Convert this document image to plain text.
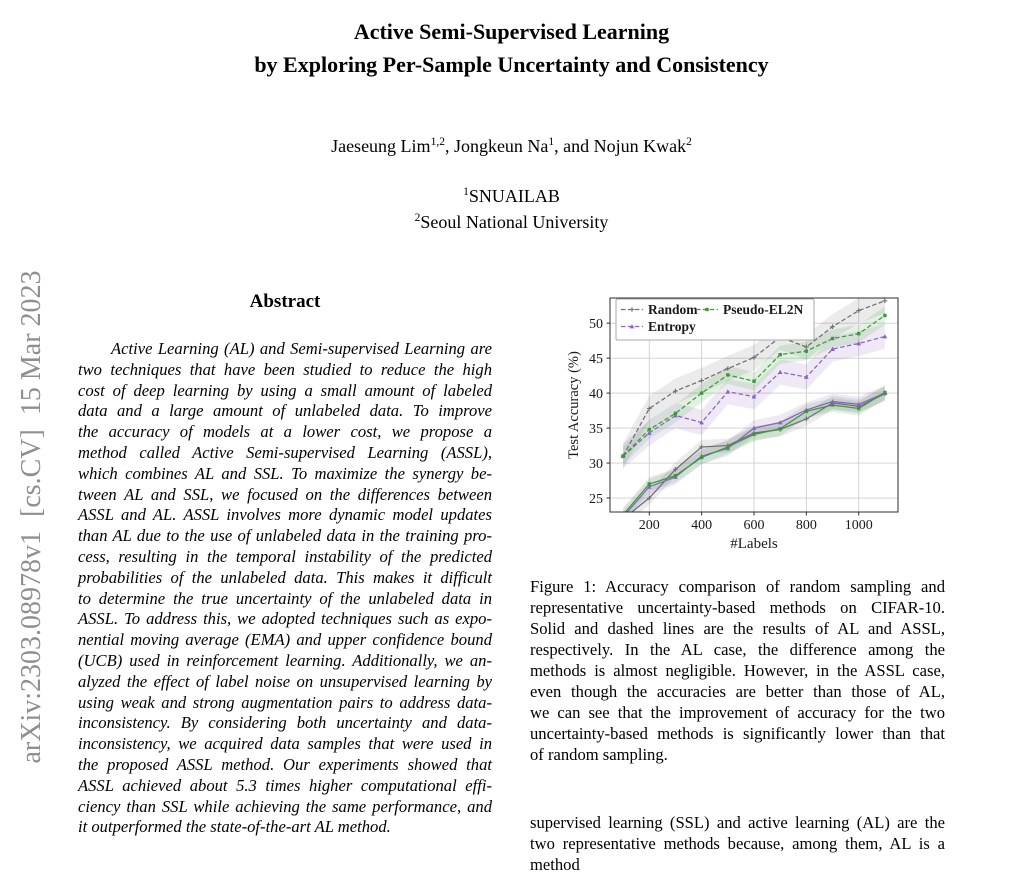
Active Semi-Supervised Learning
by Exploring Per-Sample Uncertainty and Consistency
Jaeseung Lim$^{1,2}$, Jongkeun Na$^1$, and Nojun Kwak$^2$
$^1$SNUAILAB
$^2$Seoul National University
arXiv:2303.08978v1  [cs.CV]  15 Mar 2023	Abstract
Active Learning (AL) and Semi-supervised Learning are
two techniques that have been studied to reduce the high
cost of deep learning by using a small amount of labeled
data and a large amount of unlabeled data. To improve
the accuracy of models at a lower cost, we propose a
method called Active Semi-supervised Learning (ASSL),
which combines AL and SSL. To maximize the synergy be-
tween AL and SSL, we focused on the differences between
ASSL and AL. ASSL involves more dynamic model updates
than AL due to the use of unlabeled data in the training pro-
cess, resulting in the temporal instability of the predicted
probabilities of the unlabeled data. This makes it difficult
to determine the true uncertainty of the unlabeled data in
ASSL. To address this, we adopted techniques such as expo-
nential moving average (EMA) and upper confidence bound
(UCB) used in reinforcement learning. Additionally, we an-
alyzed the effect of label noise on unsupervised learning by
using weak and strong augmentation pairs to address data-
inconsistency. By considering both uncertainty and data-
inconsistency, we acquired data samples that were used in
the proposed ASSL method. Our experiments showed that
ASSL achieved about 5.3 times higher computational effi-
ciency than SSL while achieving the same performance, and
it outperformed the state-of-the-art AL method.
200 400 600 800 1000
25
30
35
40
45
50
#Labels
Test Accuracy (%)
Random
Entropy
Pseudo-EL2N
Figure 1: Accuracy comparison of random sampling and
representative uncertainty-based methods on CIFAR-10.
Solid and dashed lines are the results of AL and ASSL,
respectively. In the AL case, the difference among the
methods is almost negligible. However, in the ASSL case,
even though the accuracies are better than those of AL,
we can see that the improvement of accuracy for the two
uncertainty-based methods is significantly lower than that
of random sampling.
supervised learning (SSL) and active learning (AL) are the
two representative methods because, among them, AL is a method
